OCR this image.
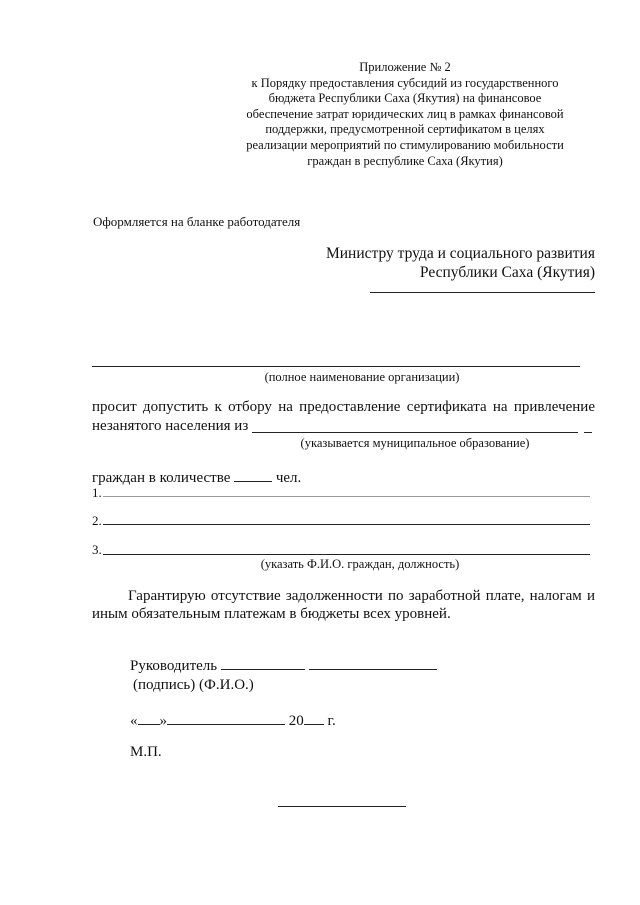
Приложение № 2
к Порядку предоставления субсидий из государственного
бюджета Республики Саха (Якутия) на финансовое
обеспечение затрат юридических лиц в рамках финансовой
поддержки, предусмотренной сертификатом в целях
реализации мероприятий по стимулированию мобильности
граждан в республике Саха (Якутия)
Оформляется на бланке работодателя
Министру труда и социального развития
Республики Саха (Якутия)
(полное наименование организации)
просит допустить к отбору на предоставление сертификата на привлечение
незанятого населения из
(указывается муниципальное образование)
граждан в количестве	чел.
1.
2.
3.
(указать Ф.И.О. граждан, должность)
Гарантирую отсутствие задолженности по заработной плате, налогам и
иным обязательным платежам в бюджеты всех уровней.
Руководитель
(подпись) (Ф.И.О.)
« »	20 г.
М.П.
